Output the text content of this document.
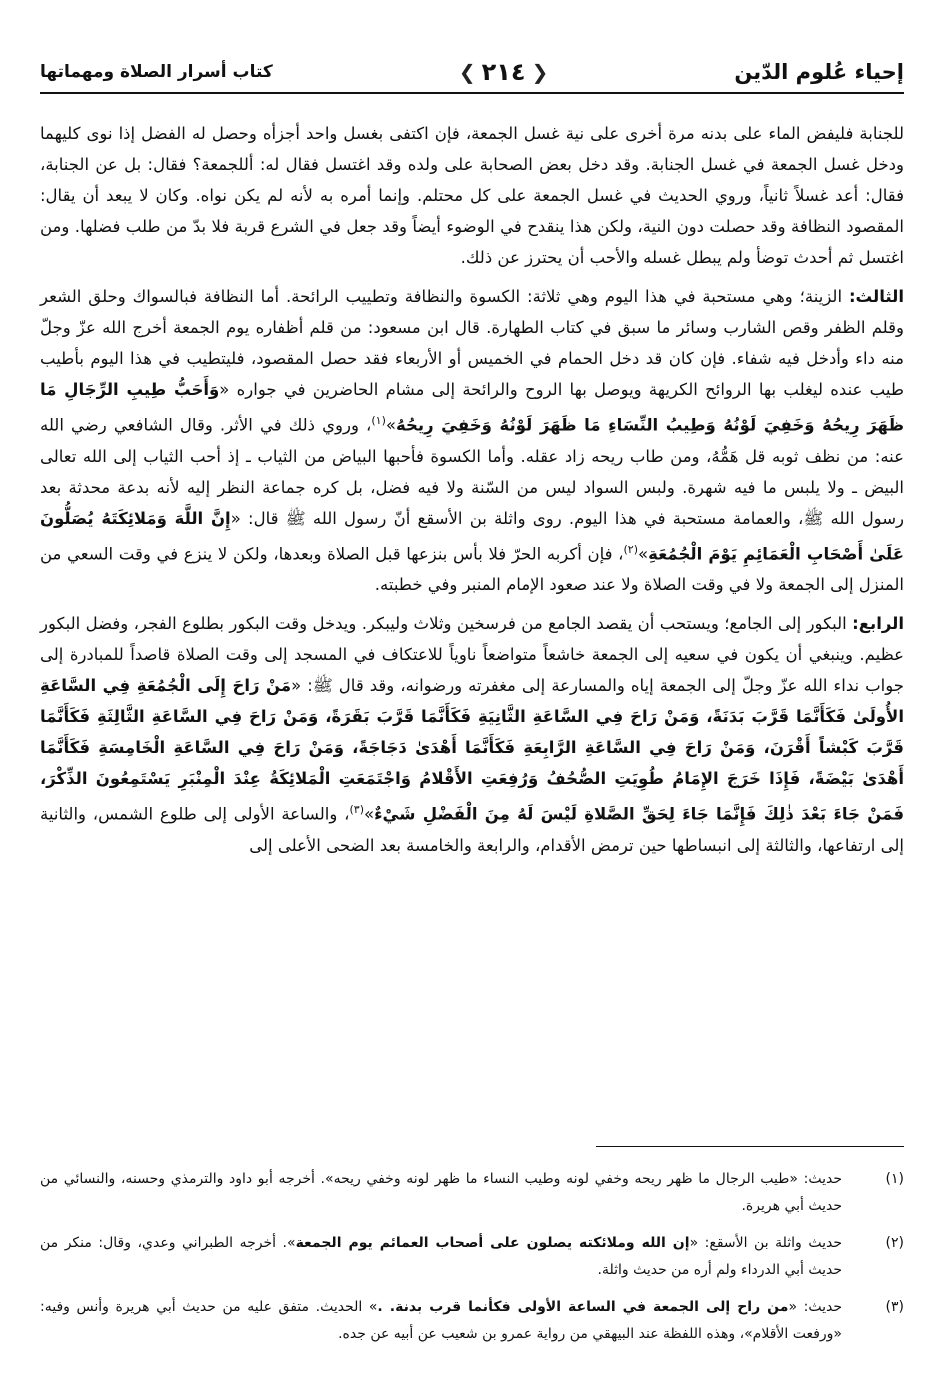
إحياء عُلوم الدّين
❮
٢١٤
❯
كتاب أسرار الصلاة ومهماتها

للجنابة فليفض الماء على بدنه مرة أخرى على نية غسل الجمعة، فإن اكتفى بغسل واحد أجزأه وحصل له الفضل إذا نوى كليهما ودخل غسل الجمعة في غسل الجنابة. وقد دخل بعض الصحابة على ولده وقد اغتسل فقال له: أللجمعة؟ فقال: بل عن الجنابة، فقال: أعد غسلاً ثانياً، وروي الحديث في غسل الجمعة على كل محتلم. وإنما أمره به لأنه لم يكن نواه. وكان لا يبعد أن يقال: المقصود النظافة وقد حصلت دون النية، ولكن هذا ينقدح في الوضوء أيضاً وقد جعل في الشرع قربة فلا بدّ من طلب فضلها. ومن اغتسل ثم أحدث توضأ ولم يبطل غسله والأحب أن يحترز عن ذلك.

الثالث: الزينة؛ وهي مستحبة في هذا اليوم وهي ثلاثة: الكسوة والنظافة وتطييب الرائحة. أما النظافة فبالسواك وحلق الشعر وقلم الظفر وقص الشارب وسائر ما سبق في كتاب الطهارة. قال ابن مسعود: من قلم أظفاره يوم الجمعة أخرج الله عزّ وجلّ منه داء وأدخل فيه شفاء. فإن كان قد دخل الحمام في الخميس أو الأربعاء فقد حصل المقصود، فليتطيب في هذا اليوم بأطيب طيب عنده ليغلب بها الروائح الكريهة ويوصل بها الروح والرائحة إلى مشام الحاضرين في جواره «وَأَحَبُّ طِيبِ الرِّجَالِ مَا ظَهَرَ رِيحُهُ وَخَفِيَ لَوْنُهُ وَطِيبُ النِّسَاءِ مَا ظَهَرَ لَوْنُهُ وَخَفِيَ رِيحُهُ»$^{(١)}$، وروي ذلك في الأثر. وقال الشافعي رضي الله عنه: من نظف ثوبه قل هَمُّهُ، ومن طاب ريحه زاد عقله. وأما الكسوة فأحبها البياض من الثياب ـ إذ أحب الثياب إلى الله تعالى البيض ـ ولا يلبس ما فيه شهرة. ولبس السواد ليس من السّنة ولا فيه فضل، بل كره جماعة النظر إليه لأنه بدعة محدثة بعد رسول الله ﷺ، والعمامة مستحبة في هذا اليوم. روى واثلة بن الأسقع أنّ رسول الله ﷺ قال: «إِنَّ اللَّهَ وَمَلائِكَتَهُ يُصَلُّونَ عَلَىٰ أَصْحَابِ الْعَمَائِمِ يَوْمَ الْجُمُعَةِ»$^{(٢)}$، فإن أكربه الحرّ فلا بأس بنزعها قبل الصلاة وبعدها، ولكن لا ينزع في وقت السعي من المنزل إلى الجمعة ولا في وقت الصلاة ولا عند صعود الإمام المنبر وفي خطبته.

الرابع: البكور إلى الجامع؛ ويستحب أن يقصد الجامع من فرسخين وثلاث وليبكر. ويدخل وقت البكور بطلوع الفجر، وفضل البكور عظيم. وينبغي أن يكون في سعيه إلى الجمعة خاشعاً متواضعاً ناوياً للاعتكاف في المسجد إلى وقت الصلاة قاصداً للمبادرة إلى جواب نداء الله عزّ وجلّ إلى الجمعة إياه والمسارعة إلى مغفرته ورضوانه، وقد قال ﷺ: «مَنْ رَاحَ إِلَى الْجُمُعَةِ فِي السَّاعَةِ الأُولَىٰ فَكَأَنَّمَا قَرَّبَ بَدَنَةً، وَمَنْ رَاحَ فِي السَّاعَةِ الثَّانِيَةِ فَكَأَنَّمَا قَرَّبَ بَقَرَةً، وَمَنْ رَاحَ فِي السَّاعَةِ الثَّالِثَةِ فَكَأَنَّمَا قَرَّبَ كَبْشاً أَقْرَنَ، وَمَنْ رَاحَ فِي السَّاعَةِ الرَّابِعَةِ فَكَأَنَّمَا أَهْدَىٰ دَجَاجَةً، وَمَنْ رَاحَ فِي السَّاعَةِ الْخَامِسَةِ فَكَأَنَّمَا أَهْدَىٰ بَيْضَةً، فَإِذَا خَرَجَ الإِمَامُ طُوِيَتِ الصُّحُفُ وَرُفِعَتِ الأَقْلامُ وَاجْتَمَعَتِ الْمَلائِكَةُ عِنْدَ الْمِنْبَرِ يَسْتَمِعُونَ الذِّكْرَ، فَمَنْ جَاءَ بَعْدَ ذٰلِكَ فَإِنَّمَا جَاءَ لِحَقِّ الصَّلاةِ لَيْسَ لَهُ مِنَ الْفَضْلِ شَيْءٌ»$^{(٣)}$، والساعة الأولى إلى طلوع الشمس، والثانية إلى ارتفاعها، والثالثة إلى انبساطها حين ترمض الأقدام، والرابعة والخامسة بعد الضحى الأعلى إلى

(١)
حديث: «طيب الرجال ما ظهر ريحه وخفي لونه وطيب النساء ما ظهر لونه وخفي ريحه». أخرجه أبو داود والترمذي وحسنه، والنسائي من حديث أبي هريرة.
(٢)
حديث واثلة بن الأسقع: «إن الله وملائكته يصلون على أصحاب العمائم يوم الجمعة». أخرجه الطبراني وعدي، وقال: منكر من حديث أبي الدرداء ولم أره من حديث واثلة.
(٣)
حديث: «من راح إلى الجمعة في الساعة الأولى فكأنما قرب بدنة. .» الحديث. متفق عليه من حديث أبي هريرة وأنس وفيه: «ورفعت الأقلام»، وهذه اللفظة عند البيهقي من رواية عمرو بن شعيب عن أبيه عن جده.
